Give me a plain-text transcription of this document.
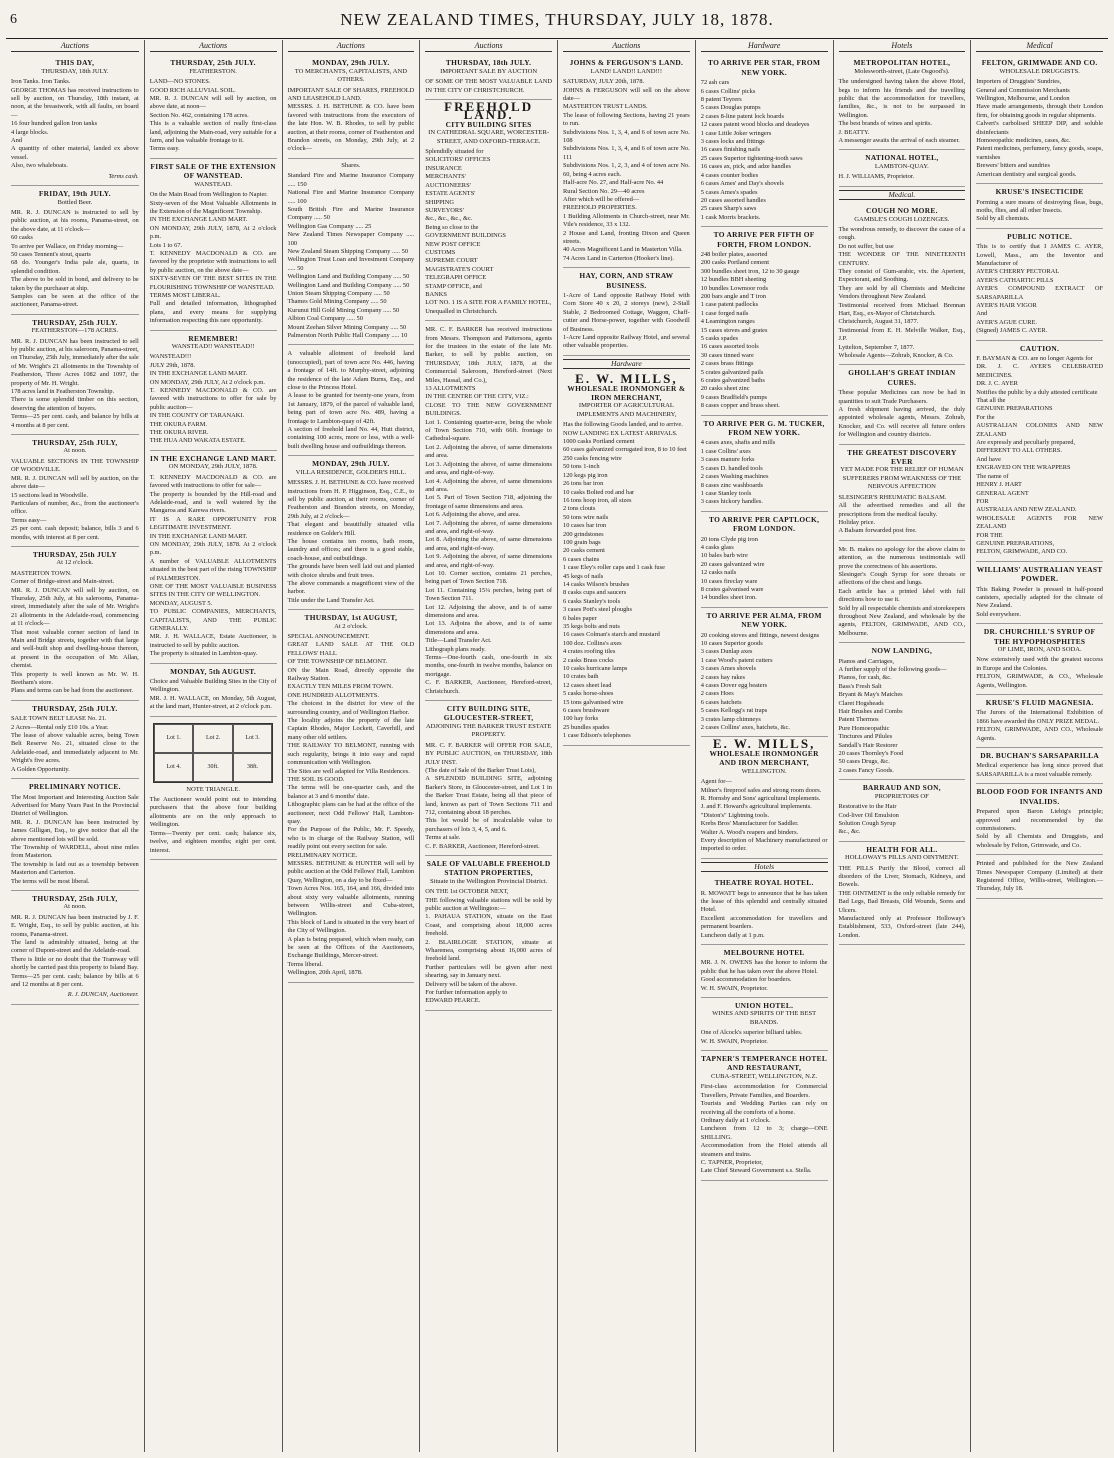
6	NEW ZEALAND TIMES, THURSDAY, JULY 18, 1878.
Auctions
THIS DAY,
THURSDAY, 18th JULY.
Iron Tanks. Iron Tanks.
GEORGE THOMAS has received instructions to sell by auction, on Thursday, 18th instant, at noon, at the breastwork, with all faults, on board—
16 four hundred gallon Iron tanks
4 large blocks.
And
A quantity of other material, landed ex above vessel.
Also, two whaleboats.
Terms cash.
FRIDAY, 19th JULY.
Bottled Beer.
MR. R. J. DUNCAN is instructed to sell by public auction, at his rooms, Panama-street, on the above date, at 11 o'clock—
60 casks
To arrive per Wallace, on Friday morning—
50 cases Tennent's stout, quarts
68 do. Younger's India pale ale, quarts, in splendid condition.
The above to be sold in bond, and delivery to be taken by the purchaser at ship.
Samples can be seen at the office of the auctioneer, Panama-street.
THURSDAY, 25th JULY.
FEATHERSTON—178 ACRES.
MR. R. J. DUNCAN has been instructed to sell by public auction, at his saleroom, Panama-street, on Thursday, 25th July, immediately after the sale of Mr. Wright's 21 allotments in the Township of Featherston, Three Acres 1082 and 1097, the property of Mr. H. Wright.
178 acres land in Featherston Township.
There is some splendid timber on this section, deserving the attention of buyers.
Terms—25 per cent. cash, and balance by bills at 4 months at 8 per cent.
THURSDAY, 25th JULY,
At noon.
VALUABLE SECTIONS IN THE TOWNSHIP OF WOODVILLE.
MR. R. J. DUNCAN will sell by auction, on the above date—
15 sections lead in Woodville.
Particulars of number, &c., from the auctioneer's office.
Terms easy—
25 per cent. cash deposit; balance, bills 3 and 6 months, with interest at 8 per cent.
THURSDAY, 25th JULY
At 12 o'clock.
MASTERTON TOWN.
Corner of Bridge-street and Main-street.
MR. R. J. DUNCAN will sell by auction, on Thursday, 25th July, at his salerooms, Panama-street, immediately after the sale of Mr. Wright's 21 allotments in the Adelaide-road, commencing at 11 o'clock—
That most valuable corner section of land in Main and Bridge streets, together with that large and well-built shop and dwelling-house thereon, at present in the occupation of Mr. Allan, chemist.
This property is well known as Mr. W. H. Beetham's store.
Plans and terms can be had from the auctioneer.
THURSDAY, 25th JULY.
SALE TOWN BELT LEASE No. 21.
2 Acres—Rental only £10 10s. a Year.
The lease of above valuable acres, being Town Belt Reserve No. 21, situated close to the Adelaide-road, and immediately adjacent to Mr. Wright's five acres.
A Golden Opportunity.
PRELIMINARY NOTICE.
The Most Important and Interesting Auction Sale Advertised for Many Years Past In the Provincial District of Wellington.
MR. R. J. DUNCAN has been instructed by James Gilligan, Esq., to give notice that all the above mentioned lots will be sold.
The Township of WARDELL, about nine miles from Masterton.
The township is laid out as a township between Masterton and Carterton.
The terms will be most liberal.
THURSDAY, 25th JULY,
At noon.
MR. R. J. DUNCAN has been instructed by J. F. E. Wright, Esq., to sell by public auction, at his rooms, Panama-street.
The land is admirably situated, being at the corner of Dupont-street and the Adelaide-road.
There is little or no doubt that the Tramway will shortly be carried past this property to Island Bay.
Terms—25 per cent. cash; balance by bills at 6 and 12 months at 8 per cent.
R. J. DUNCAN, Auctioneer.
Auctions
THURSDAY, 25th JULY.
FEATHERSTON.
LAND—NO STONES.
GOOD RICH ALLUVIAL SOIL.
MR. R. J. DUNCAN will sell by auction, on above date, at noon—
Section No. 462, containing 178 acres.
This is a valuable section of really first-class land, adjoining the Main-road, very suitable for a farm, and has valuable frontage to it.
Terms easy.
FIRST SALE OF THE EXTENSION OF WANSTEAD.
WANSTEAD.
On the Main Road from Wellington to Napier.
Sixty-seven of the Most Valuable Allotments in the Extension of the Magnificent Township.
IN THE EXCHANGE LAND MART.
ON MONDAY, 29th JULY, 1878, At 2 o'clock p.m.
Lots 1 to 67.
T. KENNEDY MACDONALD & CO. are favored by the proprietor with instructions to sell by public auction, on the above date—
SIXTY-SEVEN OF THE BEST SITES IN THE FLOURISHING TOWNSHIP OF WANSTEAD.
TERMS MOST LIBERAL.
Full and detailed information, lithographed plans, and every means for supplying information respecting this rare opportunity.
REMEMBER!
WANSTEAD!! WANSTEAD!!
WANSTEAD!!!
JULY 29th, 1878.
IN THE EXCHANGE LAND MART.
ON MONDAY, 29th JULY, At 2 o'clock p.m.
T. KENNEDY MACDONALD & CO. are favored with instructions to offer for sale by public auction—
IN THE COUNTY OF TARANAKI.
THE OKURA FARM.
THE OKURA RIVER.
THE HUA AND WAKATA ESTATE.
IN THE EXCHANGE LAND MART.
ON MONDAY, 29th JULY, 1878.
T. KENNEDY MACDONALD & CO. are favored with instructions to offer for sale—
The property is bounded by the Hill-road and Adelaide-road, and is well watered by the Mangaroa and Karewa rivers.
IT IS A RARE OPPORTUNITY FOR LEGITIMATE INVESTMENT.
IN THE EXCHANGE LAND MART.
ON MONDAY, 29th JULY, 1878. At 2 o'clock p.m.
A number of VALUABLE ALLOTMENTS situated in the best part of the rising TOWNSHIP of PALMERSTON.
ONE OF THE MOST VALUABLE BUSINESS SITES IN THE CITY OF WELLINGTON.
MONDAY, AUGUST 5.
TO PUBLIC COMPANIES, MERCHANTS, CAPITALISTS, AND THE PUBLIC GENERALLY.
MR. J. H. WALLACE, Estate Auctioneer, is instructed to sell by public auction.
The property is situated in Lambton-quay.
MONDAY, 5th AUGUST.
Choice and Valuable Building Sites in the City of Wellington.
MR. J. H. WALLACE, on Monday, 5th August, at the land mart, Hunter-street, at 2 o'clock p.m.
Lot 1.	Lot 2.	Lot 3.
Lot 4.	30ft.	38ft.
NOTE TRIANGLE.
The Auctioneer would point out to intending purchasers that the above four building allotments are on the only approach to Wellington.
Terms—Twenty per cent. cash; balance six, twelve, and eighteen months; eight per cent. interest.
Auctions
MONDAY, 29th JULY.
TO MERCHANTS, CAPITALISTS, AND OTHERS.
IMPORTANT SALE OF SHARES, FREEHOLD AND LEASEHOLD LAND.
MESSRS. J. H. BETHUNE & CO. have been favored with instructions from the executors of the late Hon. W. B. Rhodes, to sell by public auction, at their rooms, corner of Featherston and Brandon streets, on Monday, 29th July, at 2 o'clock—
Shares.
Standard Fire and Marine Insurance Company ..... 150
National Fire and Marine Insurance Company ..... 100
South British Fire and Marine Insurance Company ..... 50
Wellington Gas Company ..... 25
New Zealand Times Newspaper Company ..... 100
New Zealand Steam Shipping Company ..... 50
Wellington Trust Loan and Investment Company ..... 50
Wellington Land and Building Company ..... 50
Wellington Land and Building Company ..... 50
Union Steam Shipping Company ..... 50
Thames Gold Mining Company ..... 50
Kurunui Hill Gold Mining Company ..... 50
Albion Coal Company ..... 50
Mount Zeehan Silver Mining Company ..... 50
Palmerston North Public Hall Company ..... 10
A valuable allotment of freehold land (unoccupied), part of town acre No. 446, having a frontage of 14ft. to Murphy-street, adjoining the residence of the late Adam Burns, Esq., and close to the Princess Hotel.
A lease to be granted for twenty-one years, from 1st January, 1879, of the parcel of valuable land, being part of town acre No. 489, having a frontage to Lambton-quay of 42ft.
A section of freehold land No. 44, Hutt district, containing 100 acres, more or less, with a well-built dwelling house and outbuildings thereon.
MONDAY, 29th JULY.
VILLA RESIDENCE, GOLDER'S HILL.
MESSRS. J. H. BETHUNE & CO. have received instructions from H. P. Higginson, Esq., C.E., to sell by public auction, at their rooms, corner of Featherston and Brandon streets, on Monday, 29th July, at 2 o'clock—
That elegant and beautifully situated villa residence on Golder's Hill.
The house contains ten rooms, bath room, laundry and offices; and there is a good stable, coach-house, and outbuildings.
The grounds have been well laid out and planted with choice shrubs and fruit trees.
The above commands a magnificent view of the harbor.
Title under the Land Transfer Act.
THURSDAY, 1st AUGUST,
At 2 o'clock.
SPECIAL ANNOUNCEMENT.
GREAT LAND SALE AT THE OLD FELLOWS' HALL
OF THE TOWNSHIP OF BELMONT.
ON the Main Road, directly opposite the Railway Station.
EXACTLY TEN MILES FROM TOWN.
ONE HUNDRED ALLOTMENTS.
The choicest in the district for view of the surrounding country, and of Wellington Harbor.
The locality adjoins the property of the late Captain Rhodes, Major Lockett, Caverhill, and many other old settlers.
THE RAILWAY TO BELMONT, running with such regularity, brings it into easy and rapid communication with Wellington.
The Sites are well adapted for Villa Residences.
THE SOIL IS GOOD.
The terms will be one-quarter cash, and the balance at 3 and 6 months' date.
Lithographic plans can be had at the office of the auctioneer, next Odd Fellows' Hall, Lambton-quay.
For the Purpose of the Public, Mr. F. Speedy, who is in charge of the Railway Station, will readily point out every section for sale.
PRELIMINARY NOTICE.
MESSRS. BETHUNE & HUNTER will sell by public auction at the Odd Fellows' Hall, Lambton Quay, Wellington, on a day to be fixed—
Town Acres Nos. 165, 164, and 166, divided into about sixty very valuable allotments, running between Willis-street and Cuba-street, Wellington.
This block of Land is situated in the very heart of the City of Wellington.
A plan is being prepared, which when ready, can be seen at the Offices of the Auctioneers, Exchange Buildings, Mercer-street.
Terms liberal.
Wellington, 20th April, 1878.
Auctions
THURSDAY, 18th JULY.
IMPORTANT SALE BY AUCTION
OF SOME OF THE MOST VALUABLE LAND IN THE CITY OF CHRISTCHURCH.
FREEHOLD LAND.
CITY BUILDING SITES
IN CATHEDRAL SQUARE, WORCESTER-STREET, AND OXFORD-TERRACE.
Splendidly situated for
SOLICITORS' OFFICES
INSURANCE
MERCHANTS'
AUCTIONEERS'
ESTATE AGENTS'
SHIPPING
SURVEYORS'
&c., &c., &c., &c.
Being so close to the
GOVERNMENT BUILDINGS
NEW POST OFFICE
CUSTOMS
SUPREME COURT
MAGISTRATE'S COURT
TELEGRAPH OFFICE
STAMP OFFICE, and
BANKS
LOT NO. 1 IS A SITE FOR A FAMILY HOTEL,
Unequalled in Christchurch.
MR. C. F. BARKER has received instructions from Messrs. Thompson and Pattersons, agents for the trustees in the estate of the late Mr. Barker, to sell by public auction, on THURSDAY, 18th JULY, 1878, at the Commercial Saleroom, Hereford-street (Next Miles, Hassal, and Co.),
13 ALLOTMENTS
IN THE CENTRE OF THE CITY, VIZ.:
CLOSE TO THE NEW GOVERNMENT BUILDINGS.
Lot 1. Containing quarter-acre, being the whole of Town Section 710, with 66ft. frontage to Cathedral-square.
Lot 2. Adjoining the above, of same dimensions and area.
Lot 3. Adjoining the above, of same dimensions and area, and right-of-way.
Lot 4. Adjoining the above, of same dimensions and area.
Lot 5. Part of Town Section 718, adjoining the frontage of same dimensions and area.
Lot 6. Adjoining the above, and area.
Lot 7. Adjoining the above, of same dimensions and area, and right-of-way.
Lot 8. Adjoining the above, of same dimensions and area, and right-of-way.
Lot 9. Adjoining the above, of same dimensions and area, and right-of-way.
Lot 10. Corner section, contains 21 perches, being part of Town Section 718.
Lot 11. Containing 15¼ perches, being part of Town Section 711.
Lot 12. Adjoining the above, and is of same dimensions and area.
Lot 13. Adjoins the above, and is of same dimensions and area.
Title—Land Transfer Act.
Lithograph plans ready.
Terms—One-fourth cash, one-fourth in six months, one-fourth in twelve months, balance on mortgage.
C. F. BARKER, Auctioneer, Hereford-street, Christchurch.
CITY BUILDING SITE, GLOUCESTER-STREET,
ADJOINING THE BARKER TRUST ESTATE PROPERTY.
MR. C. F. BARKER will OFFER FOR SALE, BY PUBLIC AUCTION, on THURSDAY, 18th JULY INST.
(The date of Sale of the Barker Trust Lots),
A SPLENDID BUILDING SITE, adjoining Barker's Store, in Gloucester-street, and Lot 1 in the Barker Trust Estate, being all that piece of land, known as part of Town Sections 711 and 712, containing about 18 perches.
This lot would be of incalculable value to purchasers of lots 3, 4, 5, and 6.
Terms at sale.
C. F. BARKER, Auctioneer, Hereford-street.
SALE OF VALUABLE FREEHOLD STATION PROPERTIES,
Situate in the Wellington Provincial District.
ON THE 1st OCTOBER NEXT,
THE following valuable stations will be sold by public auction at Wellington:—
1. PAHAUA STATION, situate on the East Coast, and comprising about 18,000 acres freehold.
2. BLAIRLOGIE STATION, situate at Wharemea, comprising about 16,000 acres of freehold land.
Further particulars will be given after next shearing, say in January next.
Delivery will be taken of the above.
For further information apply to
EDWARD PEARCE.
Auctions
JOHNS & FERGUSON'S LAND.
LAND! LAND!! LAND!!!
SATURDAY, JULY 20th, 1878.
JOHNS & FERGUSON will sell on the above date—
MASTERTON TRUST LANDS.
The lease of following Sections, having 21 years to run.
Subdivisions Nos. 1, 3, 4, and 6 of town acre No. 108
Subdivisions Nos. 1, 3, 4, and 6 of town acre No. 111
Subdivisions Nos. 1, 2, 3, and 4 of town acre No. 60, being 4 acres each.
Half-acre No. 27, and Half-acre No. 44
Rural Section No. 29—40 acres
After which will be offered—
FREEHOLD PROPERTIES.
1 Building Allotments in Church-street, near Mr. Vile's residence, 33 x 132.
2 House and Land, fronting Dixon and Queen streets.
40 Acres Magnificent Land in Masterton Villa.
74 Acres Land in Carterton (Hooker's line).
HAY, CORN, AND STRAW BUSINESS.
1-Acre of Land opposite Railway Hotel with Corn Store 40 x 20, 2 storeys (new), 2-Stall Stable, 2 Bedroomed Cottage, Waggon, Chaff-cutter and Horse-power, together with Goodwill of Business.
1-Acre Land opposite Railway Hotel, and several other valuable properties.
Hardware
E. W. MILLS,
WHOLESALE IRONMONGER & IRON MERCHANT,
IMPORTER OF AGRICULTURAL IMPLEMENTS AND MACHINERY,
Has the following Goods landed, and to arrive.
NOW LANDING EX LATEST ARRIVALS.
1000 casks Portland cement
60 cases galvanized corrugated iron, 8 to 10 feet
250 casks fencing wire
50 tons 1-inch
120 kegs pig iron
26 tons bar iron
10 casks Bolted rod and bar
16 tons hoop iron, all sizes
2 tons clouts
50 tons wire nails
10 cases bar iron
200 grindstones
100 grain bags
20 casks cement
6 cases chains
1 case Eley's roller caps and 1 cask fuse
45 kegs of nails
14 casks Wilson's brushes
8 casks cups and saucers
6 casks Stanley's tools
3 cases Pott's steel ploughs
6 bales paper
35 kegs bolts and nuts
16 cases Colman's starch and mustard
100 doz. Collins's axes
4 crates roofing tiles
2 casks Brass cocks
10 casks hurricane lamps
10 crates bath
12 cases sheet lead
5 casks horse-shoes
15 tons galvanised wire
6 cases brushware
100 hay forks
25 bundles spades
1 case Edison's telephones
Hardware
TO ARRIVE PER STAR, FROM NEW YORK.
72 ash cars
6 cases Collins' picks
8 patent Teyrers
5 cases Douglas pumps
2 cases 8-line patent lock boards
12 cases patent wood blocks and deadeyes
1 case Little Joker wringers
3 cases locks and fittings
16 cases finishing nails
25 cases Superior tightening-tooth saws
16 cases ax, pick, and adze handles
4 cases counter bodies
6 cases Ames' and Day's shovels
5 cases Ames's spades
20 cases assorted handles
25 cases Sharp's saws
1 cask Morris brackets.
TO ARRIVE PER FIFTH OF FORTH, FROM LONDON.
248 boiler plates, assorted
200 casks Portland cement
300 bundles sheet iron, 12 to 30 gauge
12 bundles BBH sheeting
10 bundles Lowmoor rods
200 bars angle and T iron
1 case patent padlocks
1 case forged nails
4 Leamington ranges
15 cases stoves and grates
5 casks spades
16 cases assorted tools
30 cases tinned ware
2 cases brass fittings
5 crates galvanized pails
6 crates galvanized baths
20 casks sheet zinc
9 cases Bradfield's pumps
8 cases copper and brass sheet.
TO ARRIVE PER G. M. TUCKER, FROM NEW YORK.
4 cases axes, shafts and mills
1 case Collins' axes
3 cases manure forks
5 cases D. handled tools
2 cases Washing machines
8 cases zinc washboards
1 case Stanley tools
3 cases hickory handles.
TO ARRIVE PER CAPTLOCK, FROM LONDON.
20 tons Clyde pig iron
4 casks glass
10 bales barb wire
20 cases galvanized wire
12 casks nails
10 cases fireclay ware
8 crates galvanised ware
14 bundles sheet iron.
TO ARRIVE PER ALMA, FROM NEW YORK.
20 cooking stoves and fittings, newest designs
10 cases Superior goods
3 cases Dunlap axes
1 case Wood's patent cutters
3 cases Ames shovels
2 cases hay rakes
4 cases Dover egg beaters
2 cases Hoes
6 cases hatchets
5 cases Kellogg's rat traps
3 crates lamp chimneys
2 cases Collins' axes, hatchets, &c.
E. W. MILLS,
WHOLESALE IRONMONGER AND IRON MERCHANT,
WELLINGTON.
Agent for—
Milner's fireproof safes and strong room doors.
R. Hornsby and Sons' agricultural implements.
J. and F. Howard's agricultural implements.
"Diston's" Lightning tools.
Krebs Bros' Manufacturer for Saddler.
Walter A. Wood's reapers and binders.
Every description of Machinery manufactured or imported to order.
Hotels
THEATRE ROYAL HOTEL.
R. MOWATT begs to announce that he has taken the lease of this splendid and centrally situated Hotel.
Excellent accommodation for travellers and permanent boarders.
Luncheon daily at 1 p.m.
MELBOURNE HOTEL
MR. J. N. OWENS has the honor to inform the public that he has taken over the above Hotel.
Good accommodation for boarders.
W. H. SWAIN, Proprietor.
UNION HOTEL.
WINES AND SPIRITS OF THE BEST BRANDS.
One of Alcock's superior billiard tables.
W. H. SWAIN, Proprietor.
TAPNER'S TEMPERANCE HOTEL AND RESTAURANT,
CUBA-STREET, WELLINGTON, N.Z.
First-class accommodation for Commercial Travellers, Private Families, and Boarders.
Tourists and Wedding Parties can rely on receiving all the comforts of a home.
Ordinary daily at 1 o'clock.
Luncheon from 12 to 3; charge—ONE SHILLING.
Accommodation from the Hotel attends all steamers and trains.
C. TAPNER, Proprietor,
Late Chief Steward Government s.s. Stella.
Hotels
METROPOLITAN HOTEL,
Molesworth-street, (Late Osgood's).
The undersigned having taken the above Hotel, begs to inform his friends and the travelling public that the accommodation for travellers, families, &c., is not to be surpassed in Wellington.
The best brands of wines and spirits.
J. BEATTY.
A messenger awaits the arrival of each steamer.
NATIONAL HOTEL,
LAMBTON-QUAY.
H. J. WILLIAMS, Proprietor.
Medical.
COUGH NO MORE.
GAMBLE'S COUGH LOZENGES.
The wondrous remedy, to discover the cause of a cough.
Do not suffer, but use
THE WONDER OF THE NINETEENTH CENTURY.
They consist of Gum-arabic, vix. the Aperient, Expectorant, and Soothing.
They are sold by all Chemists and Medicine Vendors throughout New Zealand.
Testimonial received from Michael Brennan Hart, Esq., ex-Mayor of Christchurch.
Christchurch, August 31, 1877.
Testimonial from E. H. Melville Walker, Esq., J.P.
Lyttelton, September 7, 1877.
Wholesale Agents—Zohrab, Knocker, & Co.
GHOLLAH'S GREAT INDIAN CURES.
These popular Medicines can now be had in quantities to suit Trade Purchasers.
A fresh shipment having arrived, the duly appointed wholesale agents, Messrs. Zohrab, Knocker, and Co. will receive all future orders for Wellington and country districts.
THE GREATEST DISCOVERY EVER
YET MADE FOR THE RELIEF OF HUMAN SUFFERERS FROM WEAKNESS OF THE NERVOUS AFFECTION
SLESINGER'S RHEUMATIC BALSAM.
All the advertised remedies and all the prescriptions from the medical faculty.
Holiday price.
A Balsam forwarded post free.
Mr. B. makes no apology for the above claim to attention, as the numerous testimonials will prove the correctness of his assertions.
Slesinger's Cough Syrup for sore throats or affections of the chest and lungs.
Each article has a printed label with full directions how to use it.
Sold by all respectable chemists and storekeepers throughout New Zealand, and wholesale by the agents, FELTON, GRIMWADE, AND CO., Melbourne.
NOW LANDING,
Pianos and Carriages,
A further supply of the following goods—
Pianos, for cash, &c.
Bass's Fresh Salt
Bryant & May's Matches
Claret Hogsheads
Hair Brushes and Combs
Patent Thermos
Pure Homoeopathic
Tinctures and Pilules
Sandall's Hair Restorer
20 cases Thornley's Food
50 cases Drugs, &c.
2 cases Fancy Goods.
BARRAUD AND SON,
PROPRIETORS OF
Restorative to the Hair
Cod-liver Oil Emulsion
Solution Cough Syrup
&c., &c.
HEALTH FOR ALL.
HOLLOWAY'S PILLS AND OINTMENT.
THE PILLS Purify the Blood, correct all disorders of the Liver, Stomach, Kidneys, and Bowels.
THE OINTMENT is the only reliable remedy for Bad Legs, Bad Breasts, Old Wounds, Sores and Ulcers.
Manufactured only at Professor Holloway's Establishment, 533, Oxford-street (late 244), London.
Medical
FELTON, GRIMWADE AND CO.
WHOLESALE DRUGGISTS.
Importers of Druggists' Sundries,
General and Commission Merchants
Wellington, Melbourne, and London
Have made arrangements, through their London firm, for obtaining goods in regular shipments.
Calvert's carbolised SHEEP DIP, and soluble disinfectants
Homoeopathic medicines, cases, &c.
Patent medicines, perfumery, fancy goods, soaps, varnishes
Brewers' bitters and sundries
American dentistry and surgical goods.
KRUSE'S INSECTICIDE
Forming a sure means of destroying fleas, bugs, moths, flies, and all other Insects.
Sold by all chemists.
PUBLIC NOTICE.
This is to certify that I JAMES C. AYER, Lowell, Mass., am the Inventor and Manufacturer of
AYER'S CHERRY PECTORAL
AYER'S CATHARTIC PILLS
AYER'S COMPOUND EXTRACT OF SARSAPARILLA
AYER'S HAIR VIGOR
And
AYER'S AGUE CURE.
(Signed) JAMES C. AYER.
CAUTION.
F. BAYMAN & CO. are no longer Agents for
DR. J. C. AYER'S CELEBRATED MEDICINES.
DR. J. C. AYER
Notifies the public by a duly attested certificate
That all the
GENUINE PREPARATIONS
For the
AUSTRALIAN COLONIES AND NEW ZEALAND
Are expressly and peculiarly prepared,
DIFFERENT TO ALL OTHERS.
And have
ENGRAVED ON THE WRAPPERS
The name of
HENRY J. HART
GENERAL AGENT
FOR
AUSTRALIA AND NEW ZEALAND.
WHOLESALE AGENTS FOR NEW ZEALAND
FOR THE
GENUINE PREPARATIONS,
FELTON, GRIMWADE, AND CO.
WILLIAMS' AUSTRALIAN YEAST POWDER.
This Baking Powder is pressed in half-pound canisters, specially adapted for the climate of New Zealand.
Sold everywhere.
DR. CHURCHILL'S SYRUP OF THE HYPOPHOSPHITES
OF LIME, IRON, AND SODA.
Now extensively used with the greatest success in Europe and the Colonies.
FELTON, GRIMWADE, & CO., Wholesale Agents, Wellington.
KRUSE'S FLUID MAGNESIA.
The Jurors of the International Exhibition of 1866 have awarded the ONLY PRIZE MEDAL.
FELTON, GRIMWADE, AND CO., Wholesale Agents.
DR. BUCHAN'S SARSAPARILLA
Medical experience has long since proved that SARSAPARILLA is a most valuable remedy.
BLOOD FOOD FOR INFANTS AND INVALIDS.
Prepared upon Baron Liebig's principle; approved and recommended by the commissioners.
Sold by all Chemists and Druggists, and wholesale by Felton, Grimwade, and Co.
Printed and published for the New Zealand Times Newspaper Company (Limited) at their Registered Office, Willis-street, Wellington.—Thursday, July 18.
